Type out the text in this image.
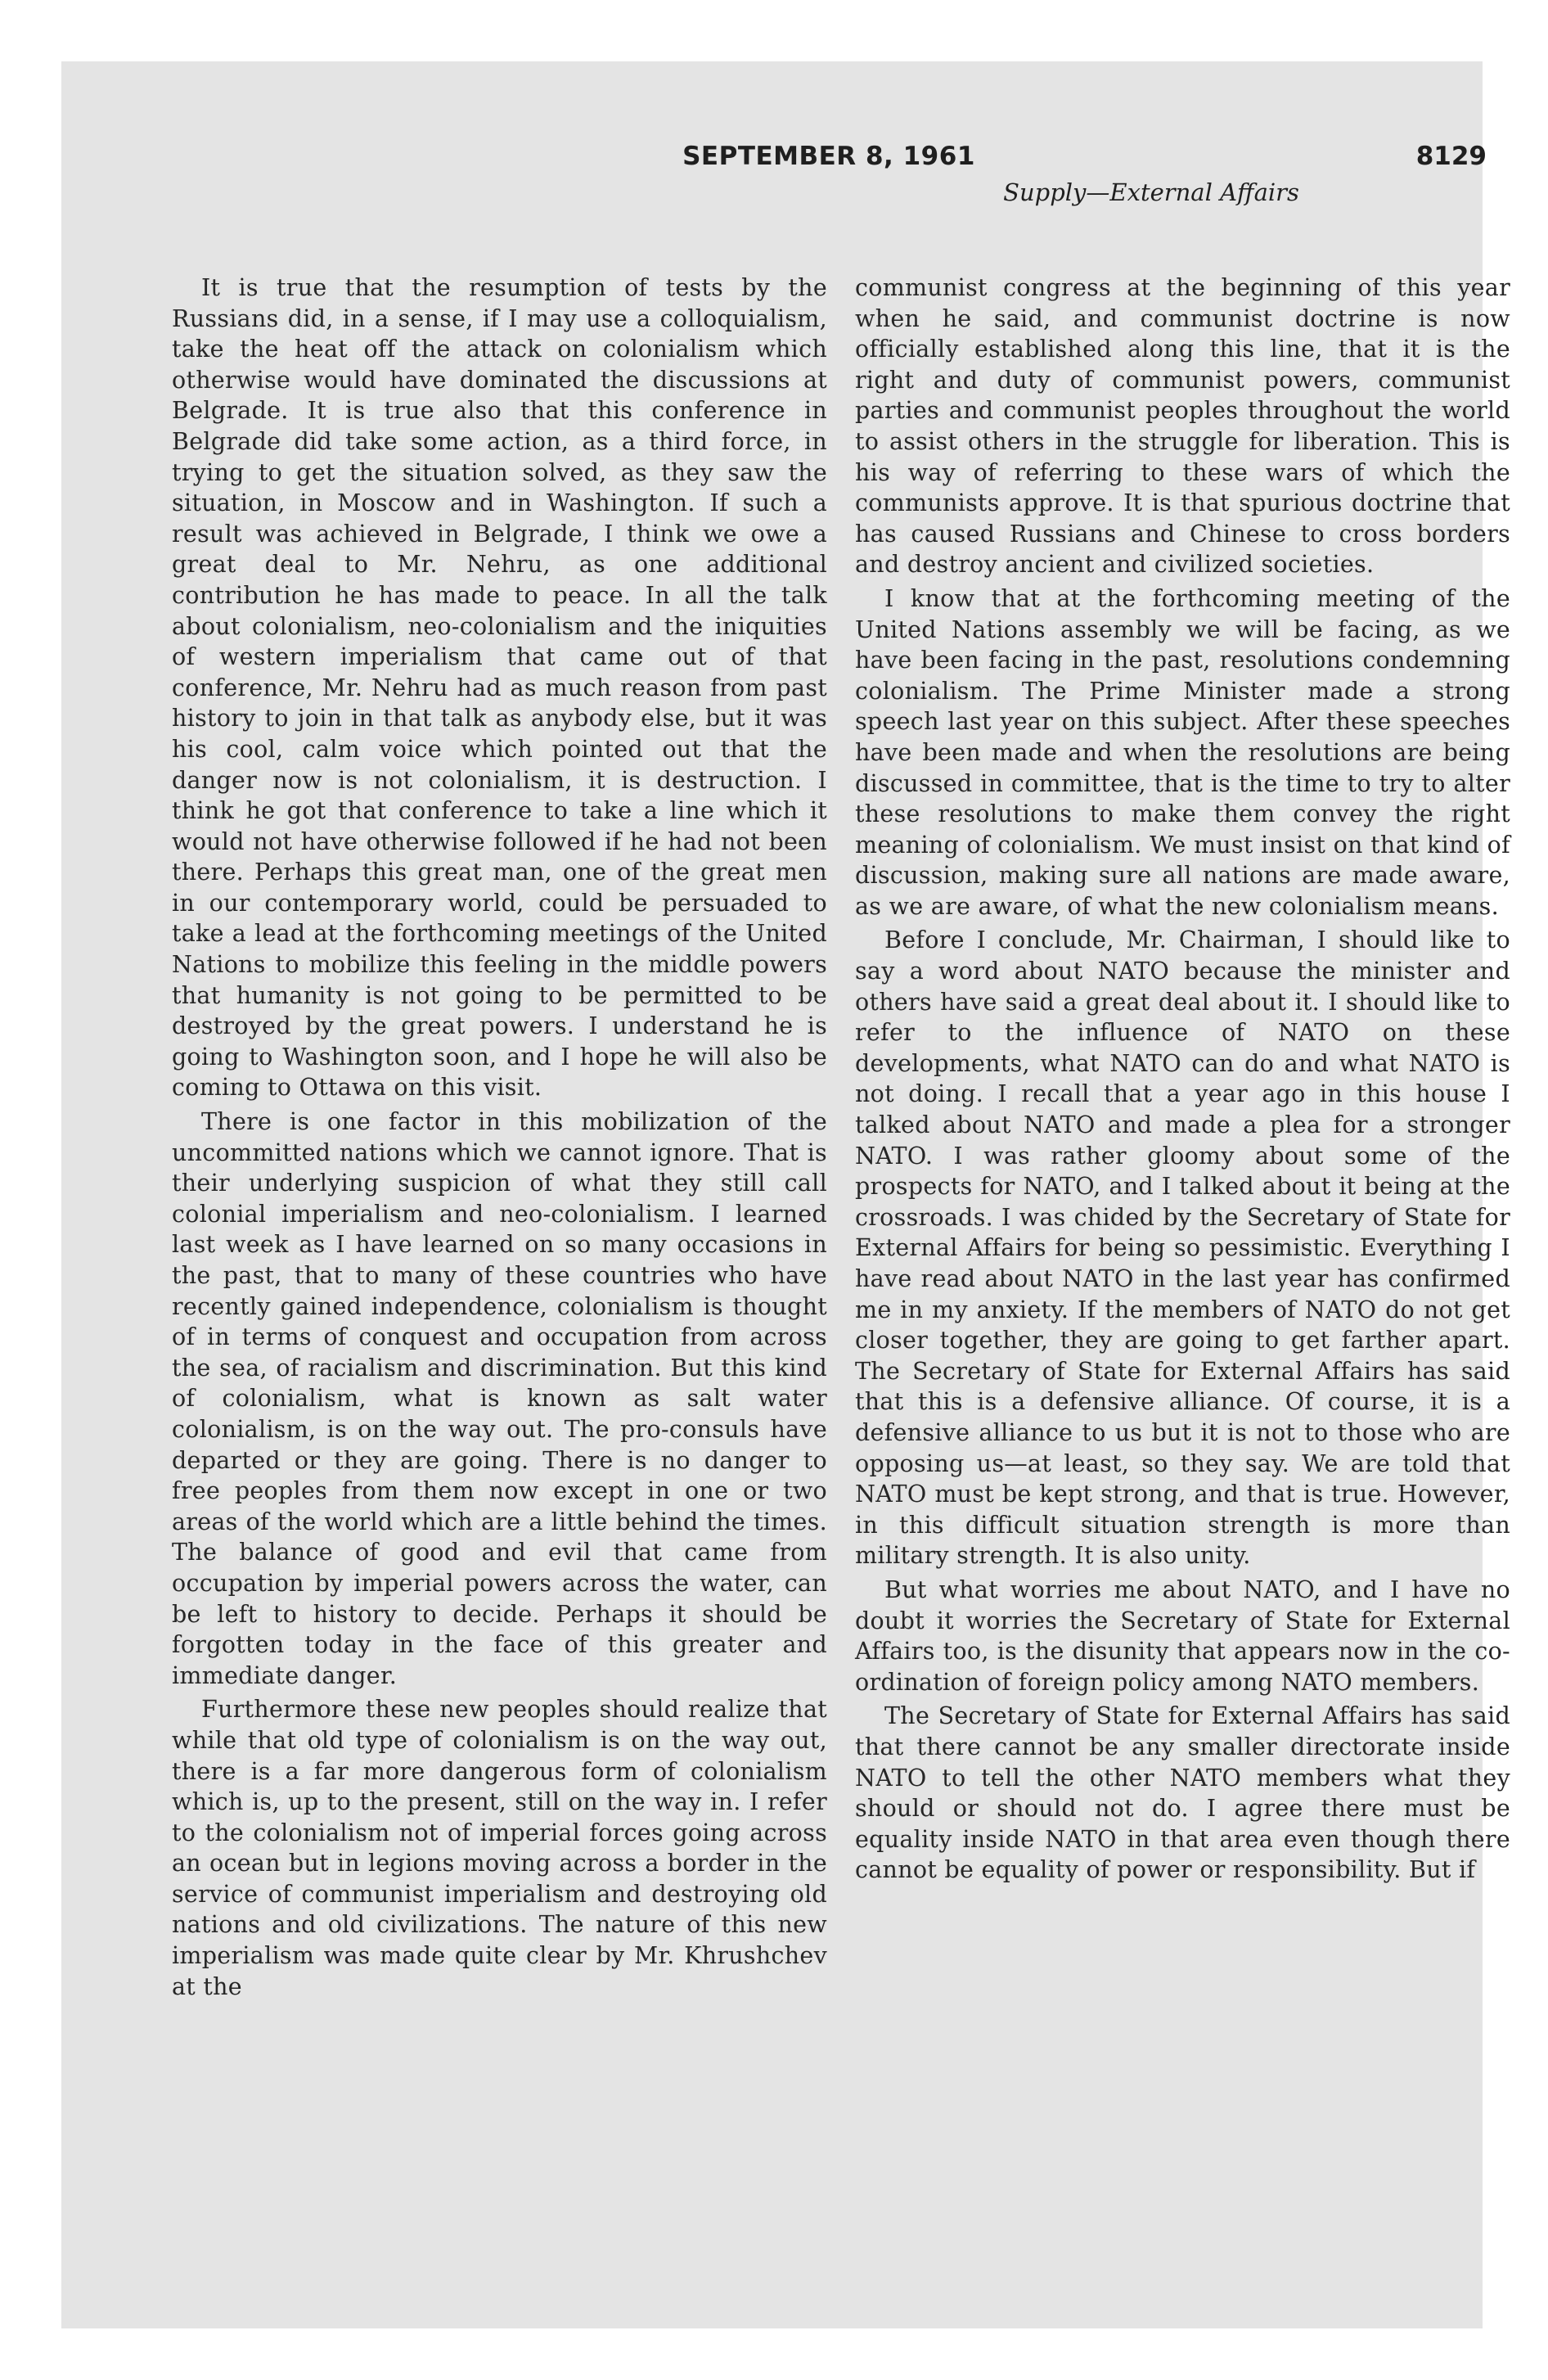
SEPTEMBER 8, 1961	8129
Supply—External Affairs

It is true that the resumption of tests by the Russians did, in a sense, if I may use a colloquialism, take the heat off the attack on colonialism which otherwise would have dominated the discussions at Belgrade. It is true also that this conference in Belgrade did take some action, as a third force, in trying to get the situation solved, as they saw the situation, in Moscow and in Washington. If such a result was achieved in Belgrade, I think we owe a great deal to Mr. Nehru, as one additional contribution he has made to peace. In all the talk about colonialism, neo-colonialism and the iniquities of western imperialism that came out of that conference, Mr. Nehru had as much reason from past history to join in that talk as anybody else, but it was his cool, calm voice which pointed out that the danger now is not colonialism, it is destruction. I think he got that conference to take a line which it would not have otherwise followed if he had not been there. Perhaps this great man, one of the great men in our contemporary world, could be persuaded to take a lead at the forthcoming meetings of the United Nations to mobilize this feeling in the middle powers that humanity is not going to be permitted to be destroyed by the great powers. I understand he is going to Washington soon, and I hope he will also be coming to Ottawa on this visit.

There is one factor in this mobilization of the uncommitted nations which we cannot ignore. That is their underlying suspicion of what they still call colonial imperialism and neo-colonialism. I learned last week as I have learned on so many occasions in the past, that to many of these countries who have recently gained independence, colonialism is thought of in terms of conquest and occupation from across the sea, of racialism and discrimination. But this kind of colonialism, what is known as salt water colonialism, is on the way out. The pro-consuls have departed or they are going. There is no danger to free peoples from them now except in one or two areas of the world which are a little behind the times. The balance of good and evil that came from occupation by imperial powers across the water, can be left to history to decide. Perhaps it should be forgotten today in the face of this greater and immediate danger.

Furthermore these new peoples should realize that while that old type of colonialism is on the way out, there is a far more dangerous form of colonialism which is, up to the present, still on the way in. I refer to the colonialism not of imperial forces going across an ocean but in legions moving across a border in the service of communist imperialism and destroying old nations and old civilizations. The nature of this new imperialism was made quite clear by Mr. Khrushchev at the

communist congress at the beginning of this year when he said, and communist doctrine is now officially established along this line, that it is the right and duty of communist powers, communist parties and communist peoples throughout the world to assist others in the struggle for liberation. This is his way of referring to these wars of which the communists approve. It is that spurious doctrine that has caused Russians and Chinese to cross borders and destroy ancient and civilized societies.

I know that at the forthcoming meeting of the United Nations assembly we will be facing, as we have been facing in the past, resolutions condemning colonialism. The Prime Minister made a strong speech last year on this subject. After these speeches have been made and when the resolutions are being discussed in committee, that is the time to try to alter these resolutions to make them convey the right meaning of colonialism. We must insist on that kind of discussion, making sure all nations are made aware, as we are aware, of what the new colonialism means.

Before I conclude, Mr. Chairman, I should like to say a word about NATO because the minister and others have said a great deal about it. I should like to refer to the influence of NATO on these developments, what NATO can do and what NATO is not doing. I recall that a year ago in this house I talked about NATO and made a plea for a stronger NATO. I was rather gloomy about some of the prospects for NATO, and I talked about it being at the crossroads. I was chided by the Secretary of State for External Affairs for being so pessimistic. Everything I have read about NATO in the last year has confirmed me in my anxiety. If the members of NATO do not get closer together, they are going to get farther apart. The Secretary of State for External Affairs has said that this is a defensive alliance. Of course, it is a defensive alliance to us but it is not to those who are opposing us—at least, so they say. We are told that NATO must be kept strong, and that is true. However, in this difficult situation strength is more than military strength. It is also unity.

But what worries me about NATO, and I have no doubt it worries the Secretary of State for External Affairs too, is the disunity that appears now in the co-ordination of foreign policy among NATO members.

The Secretary of State for External Affairs has said that there cannot be any smaller directorate inside NATO to tell the other NATO members what they should or should not do. I agree there must be equality inside NATO in that area even though there cannot be equality of power or responsibility. But if
